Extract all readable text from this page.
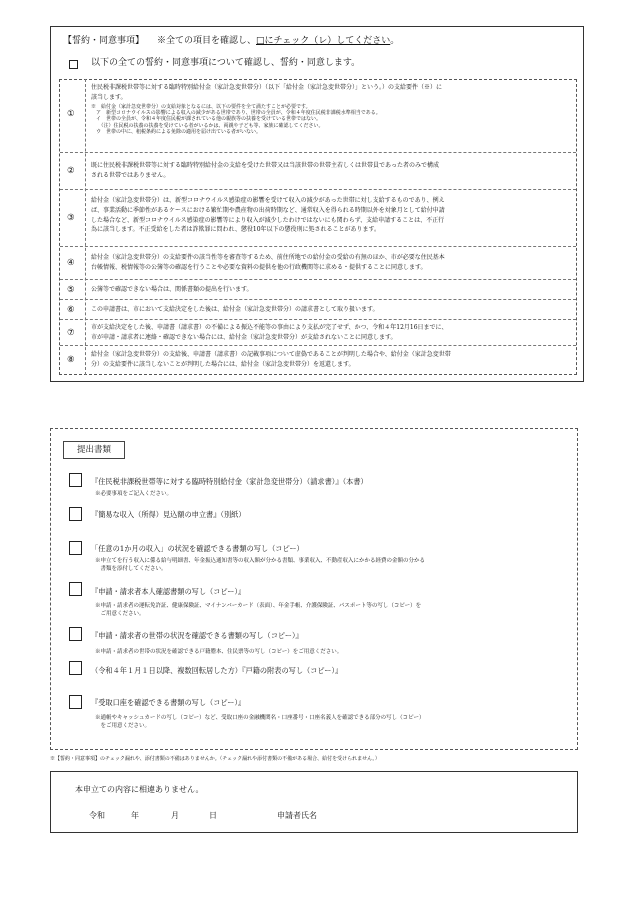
【誓約・同意事項】 ※全ての項目を確認し、□にチェック（レ）してください。
以下の全ての誓約・同意事項について確認し、誓約・同意します。
①
住民税非課税世帯等に対する臨時特別給付金（家計急変世帯分）（以下「給付金（家計急変世帯分）」という。）の支給要件（※）に
該当します。
※　給付金（家計急変世帯分）の支給対象となるには、以下の要件を全て満たすことが必要です。
　ア　新型コロナウイルスの影響による収入の減少がある世帯であり、世帯の全員が、令和４年度住民税非課税水準相当である。
　イ　世帯の全員が、令和４年度住民税が課されている他の親族等の扶養を受けている世帯ではない。
　　（注）住民税の扶養の扶養を受けている者がいるかは、両親や子ども等、家族に確認してください。
　ウ　世帯の中に、租税条約による免除の適用を届け出ている者がいない。
②
既に住民税非課税世帯等に対する臨時特別給付金の支給を受けた世帯又は当該世帯の世帯主若しくは世帯員であった者のみで構成
される世帯ではありません。
③
給付金（家計急変世帯分）は、新型コロナウイルス感染症の影響を受けて収入の減少があった世帯に対し支給するものであり、例え
ば、事業活動に季節性があるケースにおける繁忙期や農産物の出荷時期など、通常収入を得られる時期以外を対象月として給付申請
した場合など、新型コロナウイルス感染症の影響等により収入が減少したわけではないにも関わらず、支給申請することは、不正行
為に該当します。不正受給をした者は詐欺罪に問われ、懲役10年以下の懲役刑に処されることがあります。
④
給付金（家計急変世帯分）の支給要件の該当性等を審査等するため、前住所地での給付金の受給の有無のほか、市が必要な住民基本
台帳情報、税情報等の公簿等の確認を行うことや必要な資料の提供を他の行政機関等に求める・提供することに同意します。
⑤	公簿等で確認できない場合は、関係書類の提出を行います。
⑥	この申請書は、市において支給決定をした後は、給付金（家計急変世帯分）の請求書として取り扱います。
⑦
市が支給決定をした後、申請書（請求書）の不備による振込不能等の事由により支払が完了せず、かつ、令和４年12月16日までに、
市が申請・請求者に連絡・確認できない場合には、給付金（家計急変世帯分）が支給されないことに同意します。
⑧
給付金（家計急変世帯分）の支給後、申請書（請求書）の記載事項について虚偽であることが判明した場合や、給付金（家計急変世帯
分）の支給要件に該当しないことが判明した場合には、給付金（家計急変世帯分）を返還します。
提出書類
『住民税非課税世帯等に対する臨時特別給付金（家計急変世帯分）（請求書）』（本書）
※必要事項をご記入ください。
『簡易な収入（所得）見込額の申立書』（別紙）
「任意の1か月の収入」の状況を確認できる書類の写し（コピー）
※申立てを行う収入に係る給与明細書、年金振込通知書等の収入額が分かる書類、事業収入、不動産収入にかかる経費の金額の分かる
　書類を添付してください。
『申請・請求者本人確認書類の写し（コピー）』
※申請・請求者の運転免許証、健康保険証、マイナンバーカード（表面）、年金手帳、介護保険証、パスポート等の写し（コピー）を
　ご用意ください。
『申請・請求者の世帯の状況を確認できる書類の写し（コピー）』
※申請・請求者の世帯の状況を確認できる戸籍謄本、住民票等の写し（コピー）をご用意ください。
（令和４年１月１日以降、複数回転居した方）『戸籍の附表の写し（コピー）』
『受取口座を確認できる書類の写し（コピー）』
※通帳やキャッシュカードの写し（コピー）など、受取口座の金融機関名・口座番号・口座名義人を確認できる部分の写し（コピー）
　をご用意ください。
※【誓約・同意事項】のチェック漏れや、添付書類の不備はありませんか。（チェック漏れや添付書類の不備がある場合、給付を受けられません。）
本申立ての内容に相違ありません。
令和	年	月	日	申請者氏名
